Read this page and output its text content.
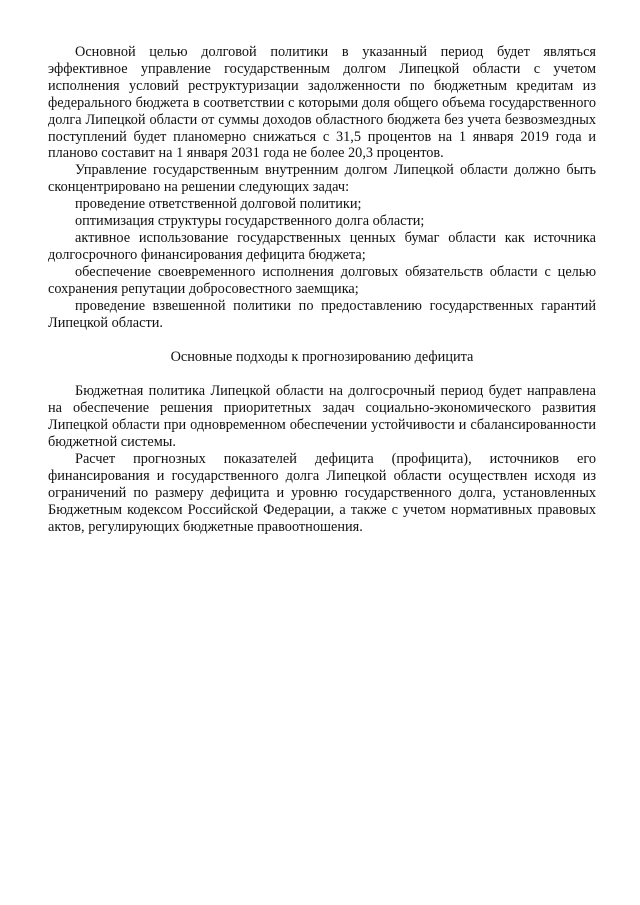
Основной целью долговой политики в указанный период будет являться эффективное управление государственным долгом Липецкой области с учетом исполнения условий реструктуризации задолженности по бюджетным кредитам из федерального бюджета в соответствии с которыми доля общего объема государственного долга Липецкой области от суммы доходов областного бюджета без учета безвозмездных поступлений будет планомерно снижаться с 31,5 процентов на 1 января 2019 года и планово составит на 1 января 2031 года не более 20,3 процентов.

Управление государственным внутренним долгом Липецкой области должно быть сконцентрировано на решении следующих задач:

проведение ответственной долговой политики;

оптимизация структуры государственного долга области;

активное использование государственных ценных бумаг области как источника долгосрочного финансирования дефицита бюджета;

обеспечение своевременного исполнения долговых обязательств области с целью сохранения репутации добросовестного заемщика;

проведение взвешенной политики по предоставлению государственных гарантий Липецкой области.

Основные подходы к прогнозированию дефицита

Бюджетная политика Липецкой области на долгосрочный период будет направлена на обеспечение решения приоритетных задач социально-экономического развития Липецкой области при одновременном обеспечении устойчивости и сбалансированности бюджетной системы.

Расчет прогнозных показателей дефицита (профицита), источников его финансирования и государственного долга Липецкой области осуществлен исходя из ограничений по размеру дефицита и уровню государственного долга, установленных Бюджетным кодексом Российской Федерации, а также с учетом нормативных правовых актов, регулирующих бюджетные правоотношения.
